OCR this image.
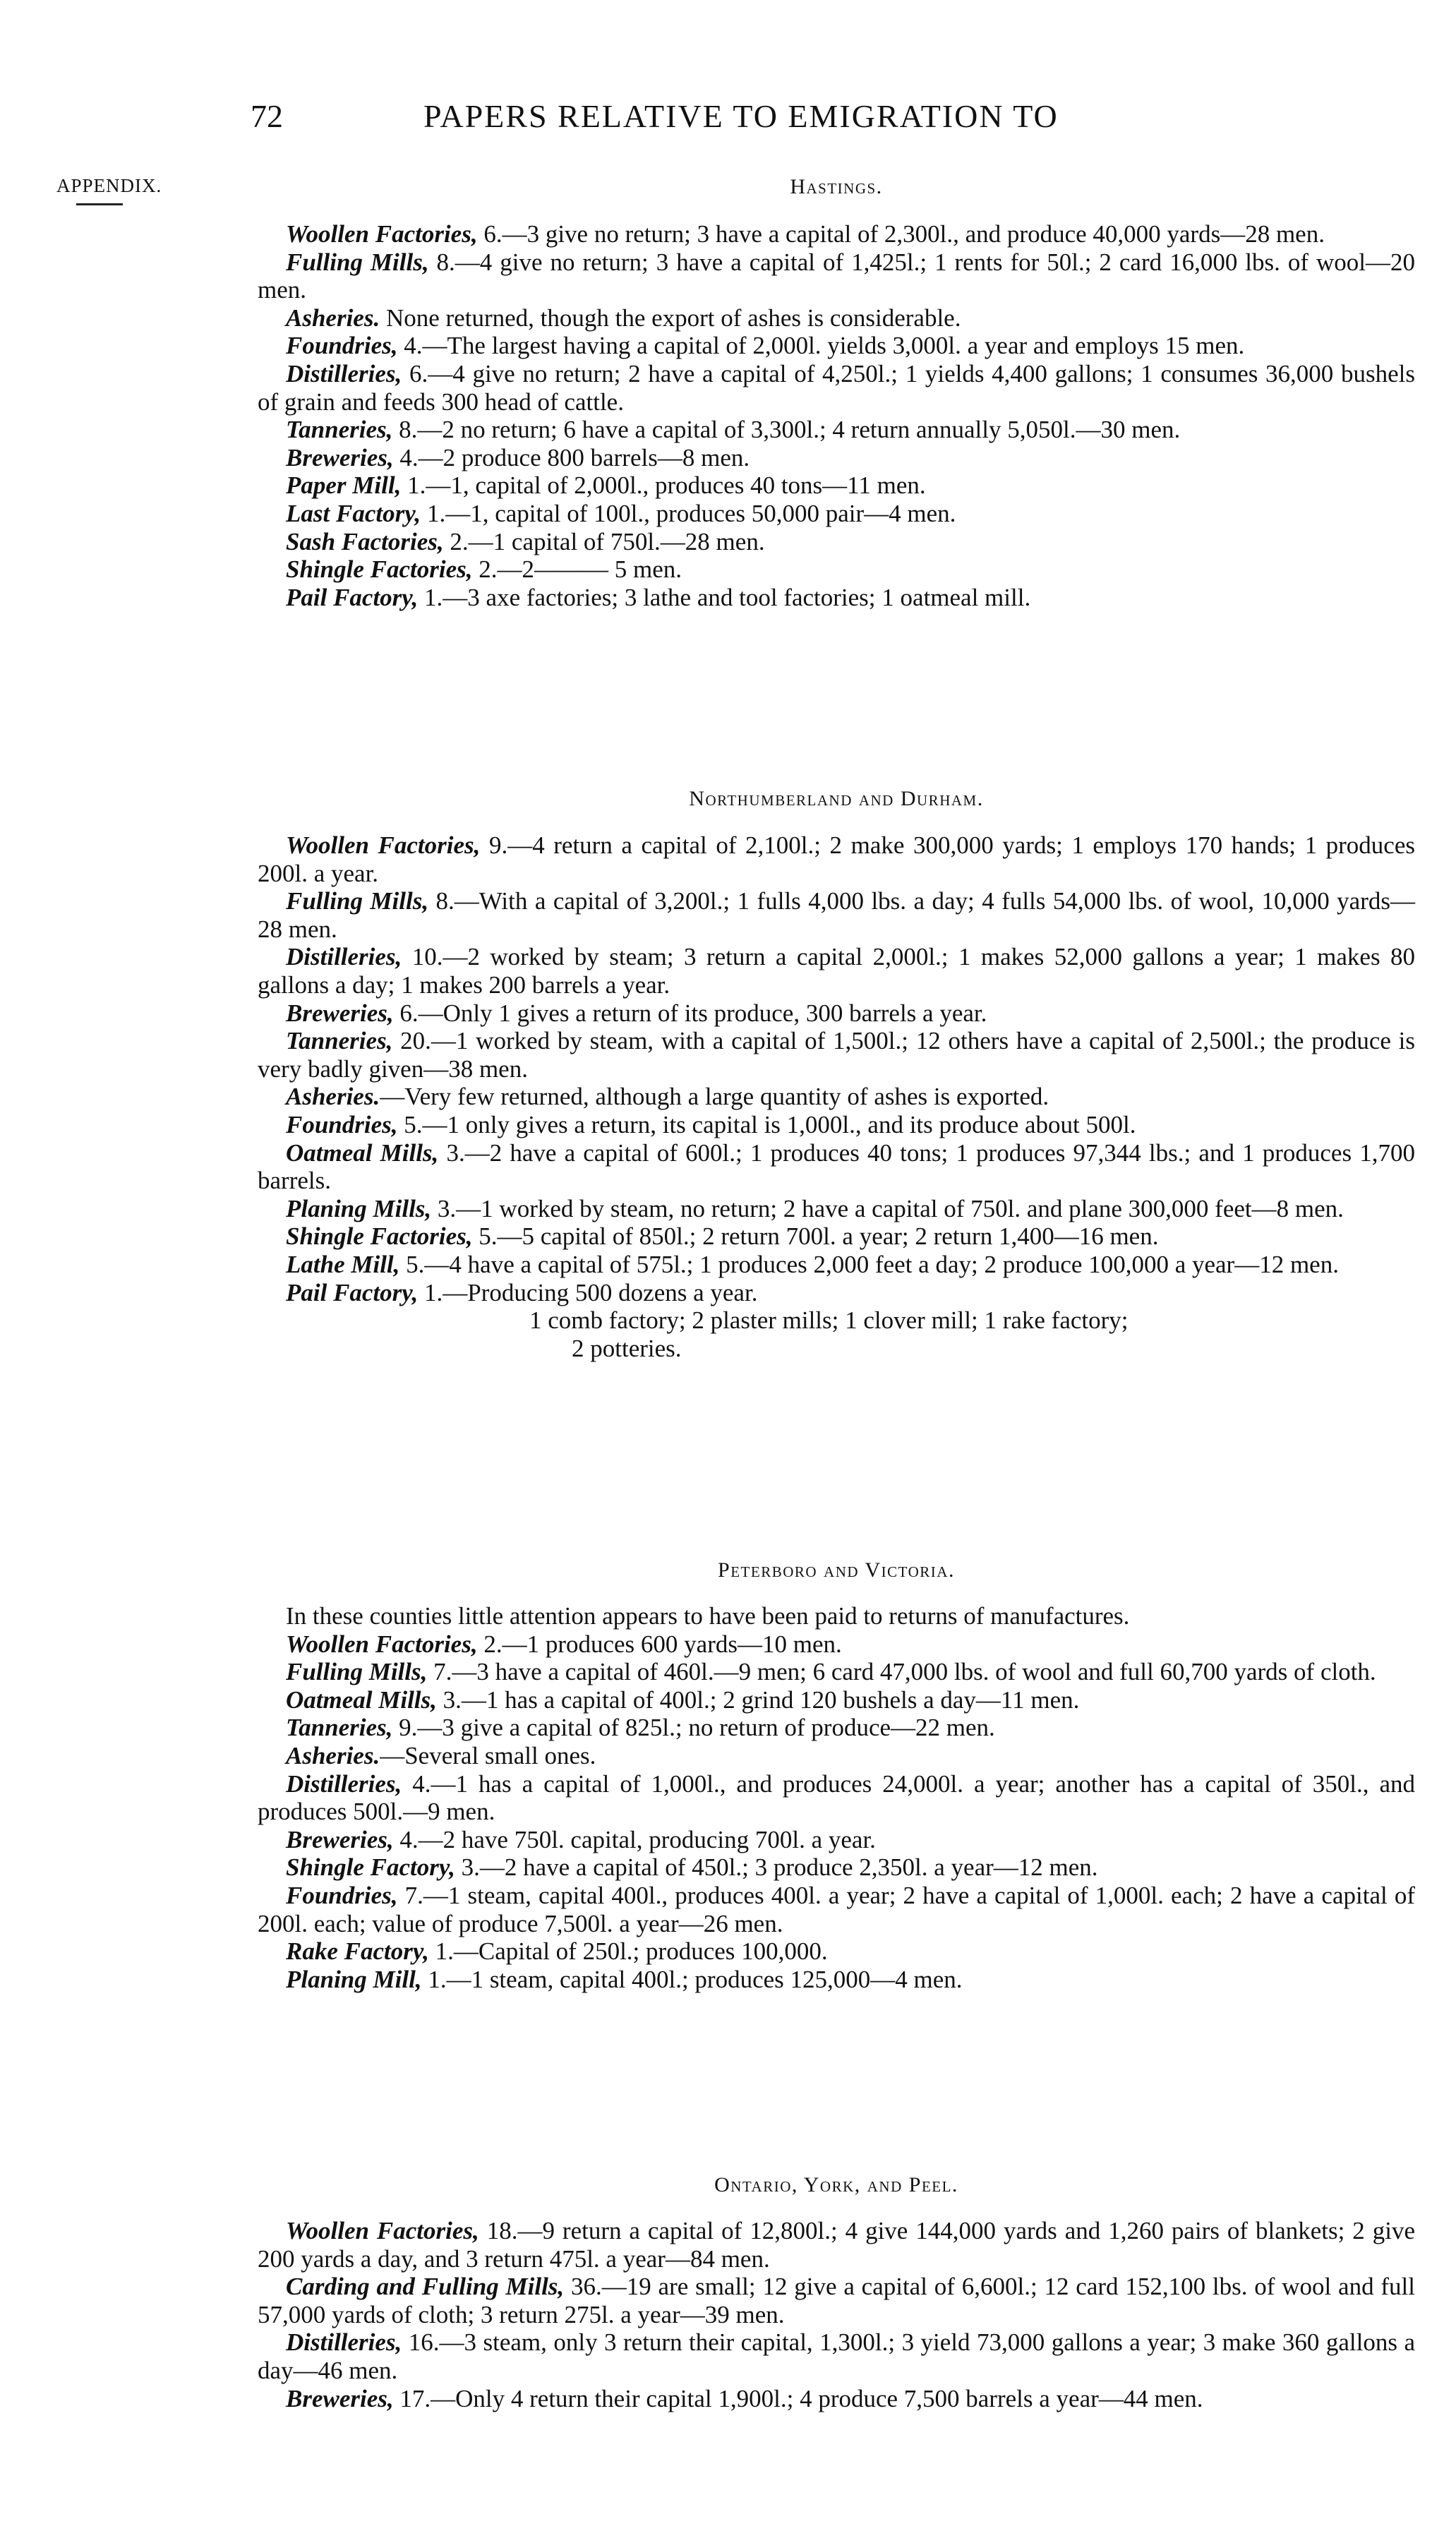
72	PAPERS RELATIVE TO EMIGRATION TO
APPENDIX.	Hastings.

Woollen Factories, 6.—3 give no return; 3 have a capital of 2,300l., and produce 40,000 yards—28 men.

Fulling Mills, 8.—4 give no return; 3 have a capital of 1,425l.; 1 rents for 50l.; 2 card 16,000 lbs. of wool—20 men.

Asheries. None returned, though the export of ashes is considerable.

Foundries, 4.—The largest having a capital of 2,000l. yields 3,000l. a year and employs 15 men.

Distilleries, 6.—4 give no return; 2 have a capital of 4,250l.; 1 yields 4,400 gallons; 1 consumes 36,000 bushels of grain and feeds 300 head of cattle.

Tanneries, 8.—2 no return; 6 have a capital of 3,300l.; 4 return annually 5,050l.—30 men.

Breweries, 4.—2 produce 800 barrels—8 men.

Paper Mill, 1.—1, capital of 2,000l., produces 40 tons—11 men.

Last Factory, 1.—1, capital of 100l., produces 50,000 pair—4 men.

Sash Factories, 2.—1 capital of 750l.—28 men.

Shingle Factories, 2.—2——— 5 men.

Pail Factory, 1.—3 axe factories; 3 lathe and tool factories; 1 oatmeal mill.

Northumberland and Durham.

Woollen Factories, 9.—4 return a capital of 2,100l.; 2 make 300,000 yards; 1 employs 170 hands; 1 produces 200l. a year.

Fulling Mills, 8.—With a capital of 3,200l.; 1 fulls 4,000 lbs. a day; 4 fulls 54,000 lbs. of wool, 10,000 yards—28 men.

Distilleries, 10.—2 worked by steam; 3 return a capital 2,000l.; 1 makes 52,000 gallons a year; 1 makes 80 gallons a day; 1 makes 200 barrels a year.

Breweries, 6.—Only 1 gives a return of its produce, 300 barrels a year.

Tanneries, 20.—1 worked by steam, with a capital of 1,500l.; 12 others have a capital of 2,500l.; the produce is very badly given—38 men.

Asheries.—Very few returned, although a large quantity of ashes is exported.

Foundries, 5.—1 only gives a return, its capital is 1,000l., and its produce about 500l.

Oatmeal Mills, 3.—2 have a capital of 600l.; 1 produces 40 tons; 1 produces 97,344 lbs.; and 1 produces 1,700 barrels.

Planing Mills, 3.—1 worked by steam, no return; 2 have a capital of 750l. and plane 300,000 feet—8 men.

Shingle Factories, 5.—5 capital of 850l.; 2 return 700l. a year; 2 return 1,400—16 men.

Lathe Mill, 5.—4 have a capital of 575l.; 1 produces 2,000 feet a day; 2 produce 100,000 a year—12 men.

Pail Factory, 1.—Producing 500 dozens a year.

1 comb factory; 2 plaster mills; 1 clover mill; 1 rake factory;
2 potteries.

Peterboro and Victoria.

In these counties little attention appears to have been paid to returns of manufactures.

Woollen Factories, 2.—1 produces 600 yards—10 men.

Fulling Mills, 7.—3 have a capital of 460l.—9 men; 6 card 47,000 lbs. of wool and full 60,700 yards of cloth.

Oatmeal Mills, 3.—1 has a capital of 400l.; 2 grind 120 bushels a day—11 men.

Tanneries, 9.—3 give a capital of 825l.; no return of produce—22 men.

Asheries.—Several small ones.

Distilleries, 4.—1 has a capital of 1,000l., and produces 24,000l. a year; another has a capital of 350l., and produces 500l.—9 men.

Breweries, 4.—2 have 750l. capital, producing 700l. a year.

Shingle Factory, 3.—2 have a capital of 450l.; 3 produce 2,350l. a year—12 men.

Foundries, 7.—1 steam, capital 400l., produces 400l. a year; 2 have a capital of 1,000l. each; 2 have a capital of 200l. each; value of produce 7,500l. a year—26 men.

Rake Factory, 1.—Capital of 250l.; produces 100,000.

Planing Mill, 1.—1 steam, capital 400l.; produces 125,000—4 men.

Ontario, York, and Peel.

Woollen Factories, 18.—9 return a capital of 12,800l.; 4 give 144,000 yards and 1,260 pairs of blankets; 2 give 200 yards a day, and 3 return 475l. a year—84 men.

Carding and Fulling Mills, 36.—19 are small; 12 give a capital of 6,600l.; 12 card 152,100 lbs. of wool and full 57,000 yards of cloth; 3 return 275l. a year—39 men.

Distilleries, 16.—3 steam, only 3 return their capital, 1,300l.; 3 yield 73,000 gallons a year; 3 make 360 gallons a day—46 men.

Breweries, 17.—Only 4 return their capital 1,900l.; 4 produce 7,500 barrels a year—44 men.
